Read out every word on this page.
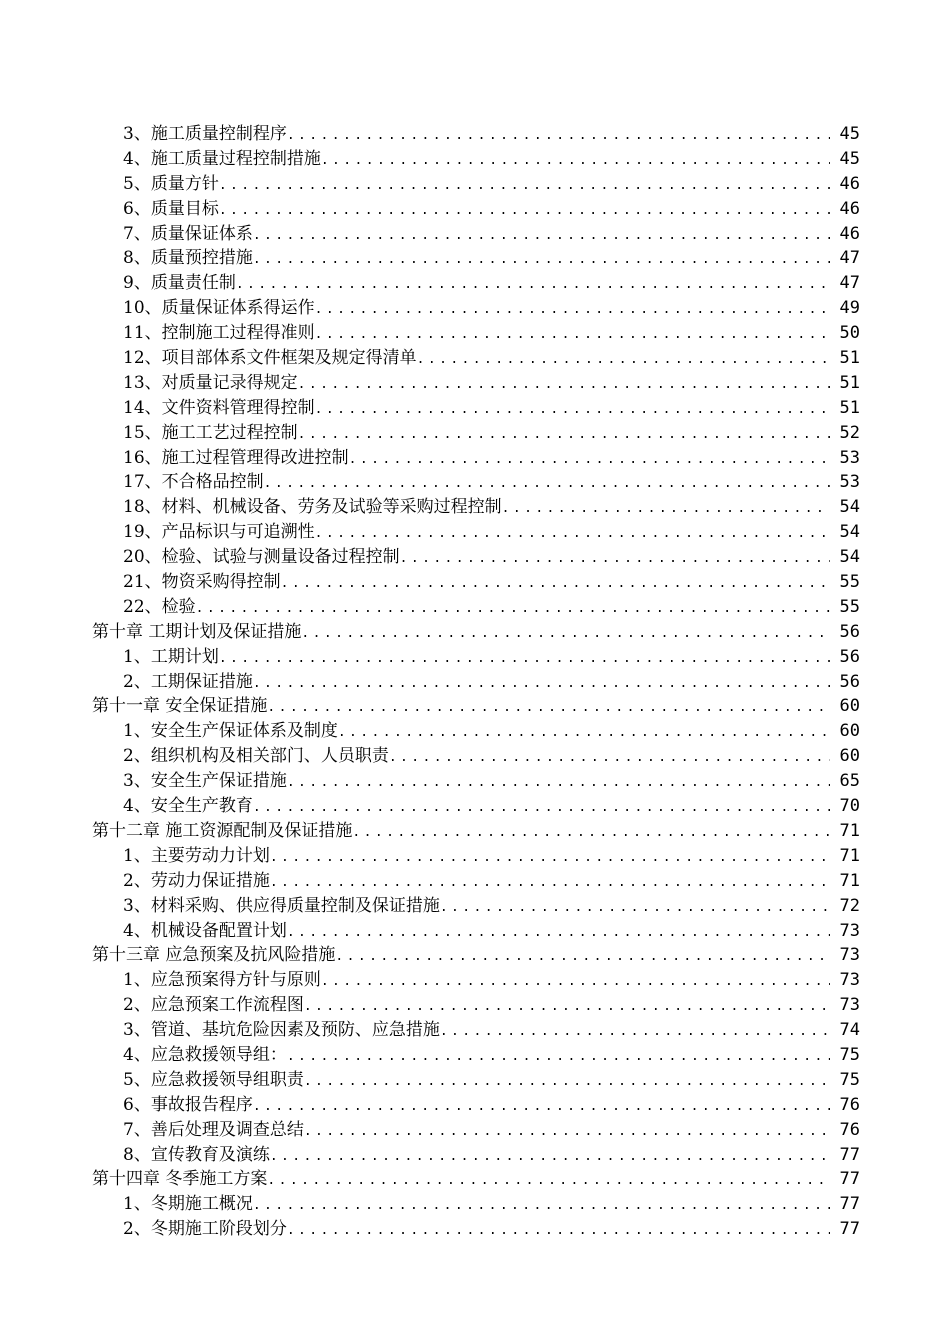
3、施工质量控制程序 .....	45
4、施工质量过程控制措施 .....	45
5、质量方针 .....	46
6、质量目标 .....	46
7、质量保证体系 .....	46
8、质量预控措施 .....	47
9、质量责任制 .....	47
10、质量保证体系得运作 .....	49
11、控制施工过程得准则 .....	50
12、项目部体系文件框架及规定得清单 .....	51
13、对质量记录得规定 .....	51
14、文件资料管理得控制 .....	51
15、施工工艺过程控制 .....	52
16、施工过程管理得改进控制 .....	53
17、不合格品控制 .....	53
18、材料、机械设备、劳务及试验等采购过程控制 .....	54
19、产品标识与可追溯性 .....	54
20、检验、试验与测量设备过程控制 .....	54
21、物资采购得控制 .....	55
22、检验 .....	55
第十章 工期计划及保证措施 .....	56
1、工期计划 .....	56
2、工期保证措施 .....	56
第十一章 安全保证措施 .....	60
1、安全生产保证体系及制度 .....	60
2、组织机构及相关部门、人员职责 .....	60
3、安全生产保证措施 .....	65
4、安全生产教育 .....	70
第十二章 施工资源配制及保证措施 .....	71
1、主要劳动力计划 .....	71
2、劳动力保证措施 .....	71
3、材料采购、供应得质量控制及保证措施 .....	72
4、机械设备配置计划 .....	73
第十三章 应急预案及抗风险措施 .....	73
1、应急预案得方针与原则 .....	73
2、应急预案工作流程图 .....	73
3、管道、基坑危险因素及预防、应急措施 .....	74
4、应急救援领导组： .....	75
5、应急救援领导组职责 .....	75
6、事故报告程序 .....	76
7、善后处理及调查总结 .....	76
8、宣传教育及演练 .....	77
第十四章 冬季施工方案 .....	77
1、冬期施工概况 .....	77
2、冬期施工阶段划分 .....	77
